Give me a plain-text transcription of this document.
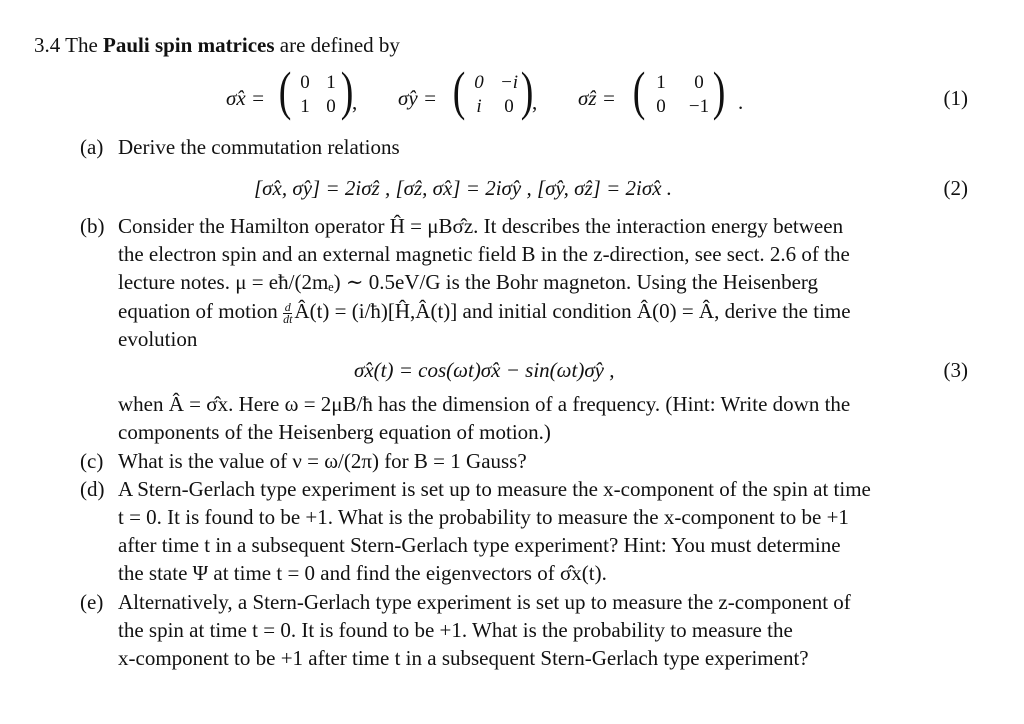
3.4 The Pauli spin matrices are defined by
σ̂x = ( 0 1
1 0 )
, σ̂y = ( 0 −i
i	0 )
, σ̂z = ( 1	0
0	−1 ) .	(1)
(a) Derive the commutation relations
[σ̂x, σ̂y] = 2iσ̂z , [σ̂z, σ̂x] = 2iσ̂y , [σ̂y, σ̂z] = 2iσ̂x .	(2)
(b) Consider the Hamilton operator Ĥ = μBσ̂z. It describes the interaction energy between
the electron spin and an external magnetic field B in the z-direction, see sect. 2.6 of the
lecture notes. μ = eħ/(2mₑ) ∼ 0.5eV/G is the Bohr magneton. Using the Heisenberg
equation of motion $\frac{d}{dt}$ Â(t) = (i/ħ)[Ĥ,Â(t)] and initial condition Â(0) = Â, derive the time
evolution
σ̂x(t) = cos(ωt)σ̂x − sin(ωt)σ̂y ,	(3)
when Â = σ̂x. Here ω = 2μB/ħ has the dimension of a frequency. (Hint: Write down the
components of the Heisenberg equation of motion.)
(c) What is the value of ν = ω/(2π) for B = 1 Gauss?
(d) A Stern-Gerlach type experiment is set up to measure the x-component of the spin at time
t = 0. It is found to be +1. What is the probability to measure the x-component to be +1
after time t in a subsequent Stern-Gerlach type experiment? Hint: You must determine
the state Ψ at time t = 0 and find the eigenvectors of σ̂x(t).
(e) Alternatively, a Stern-Gerlach type experiment is set up to measure the z-component of
the spin at time t = 0. It is found to be +1. What is the probability to measure the
x-component to be +1 after time t in a subsequent Stern-Gerlach type experiment?
